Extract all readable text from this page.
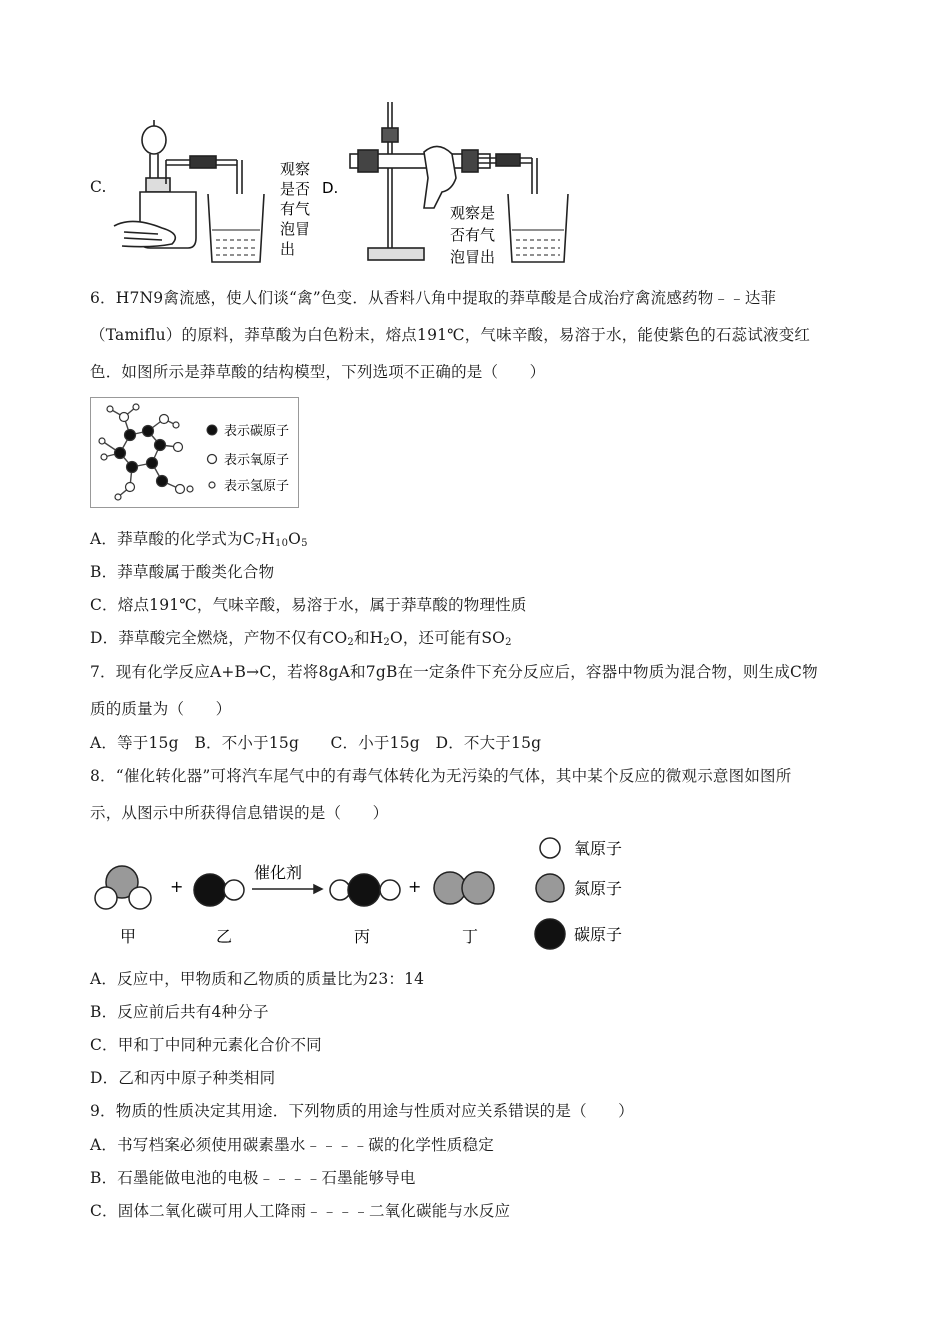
C.
观察
是否
有气
泡冒
出
D.
观察是
否有气
泡冒出
6．H7N9禽流感，使人们谈“禽”色变．从香料八角中提取的莽草酸是合成治疗禽流感药物﹣﹣达菲
（Tamiflu）的原料，莽草酸为白色粉末，熔点191℃，气味辛酸，易溶于水，能使紫色的石蕊试液变红
色．如图所示是莽草酸的结构模型，下列选项不正确的是（　　）
表示碳原子
表示氧原子
表示氢原子
A．莽草酸的化学式为$C_7H_{10}O_5$
B．莽草酸属于酸类化合物
C．熔点191℃，气味辛酸，易溶于水，属于莽草酸的物理性质
D．莽草酸完全燃烧，产物不仅有$CO_2$和$H_2O$，还可能有$SO_2$
7．现有化学反应A+B→C，若将8gA和7gB在一定条件下充分反应后，容器中物质为混合物，则生成C物
质的质量为（　　）
A．等于15g　B．不小于15g　　C．小于15g　D．不大于15g
8．“催化转化器”可将汽车尾气中的有毒气体转化为无污染的气体，其中某个反应的微观示意图如图所
示，从图示中所获得信息错误的是（　　）
+
催化剂
+
甲	乙	丙	丁
氧原子
氮原子
碳原子
A．反应中，甲物质和乙物质的质量比为23：14
B．反应前后共有4种分子
C．甲和丁中同种元素化合价不同
D．乙和丙中原子种类相同
9．物质的性质决定其用途．下列物质的用途与性质对应关系错误的是（　　）
A．书写档案必须使用碳素墨水﹣﹣﹣﹣碳的化学性质稳定
B．石墨能做电池的电极﹣﹣﹣﹣石墨能够导电
C．固体二氧化碳可用人工降雨﹣﹣﹣﹣二氧化碳能与水反应
